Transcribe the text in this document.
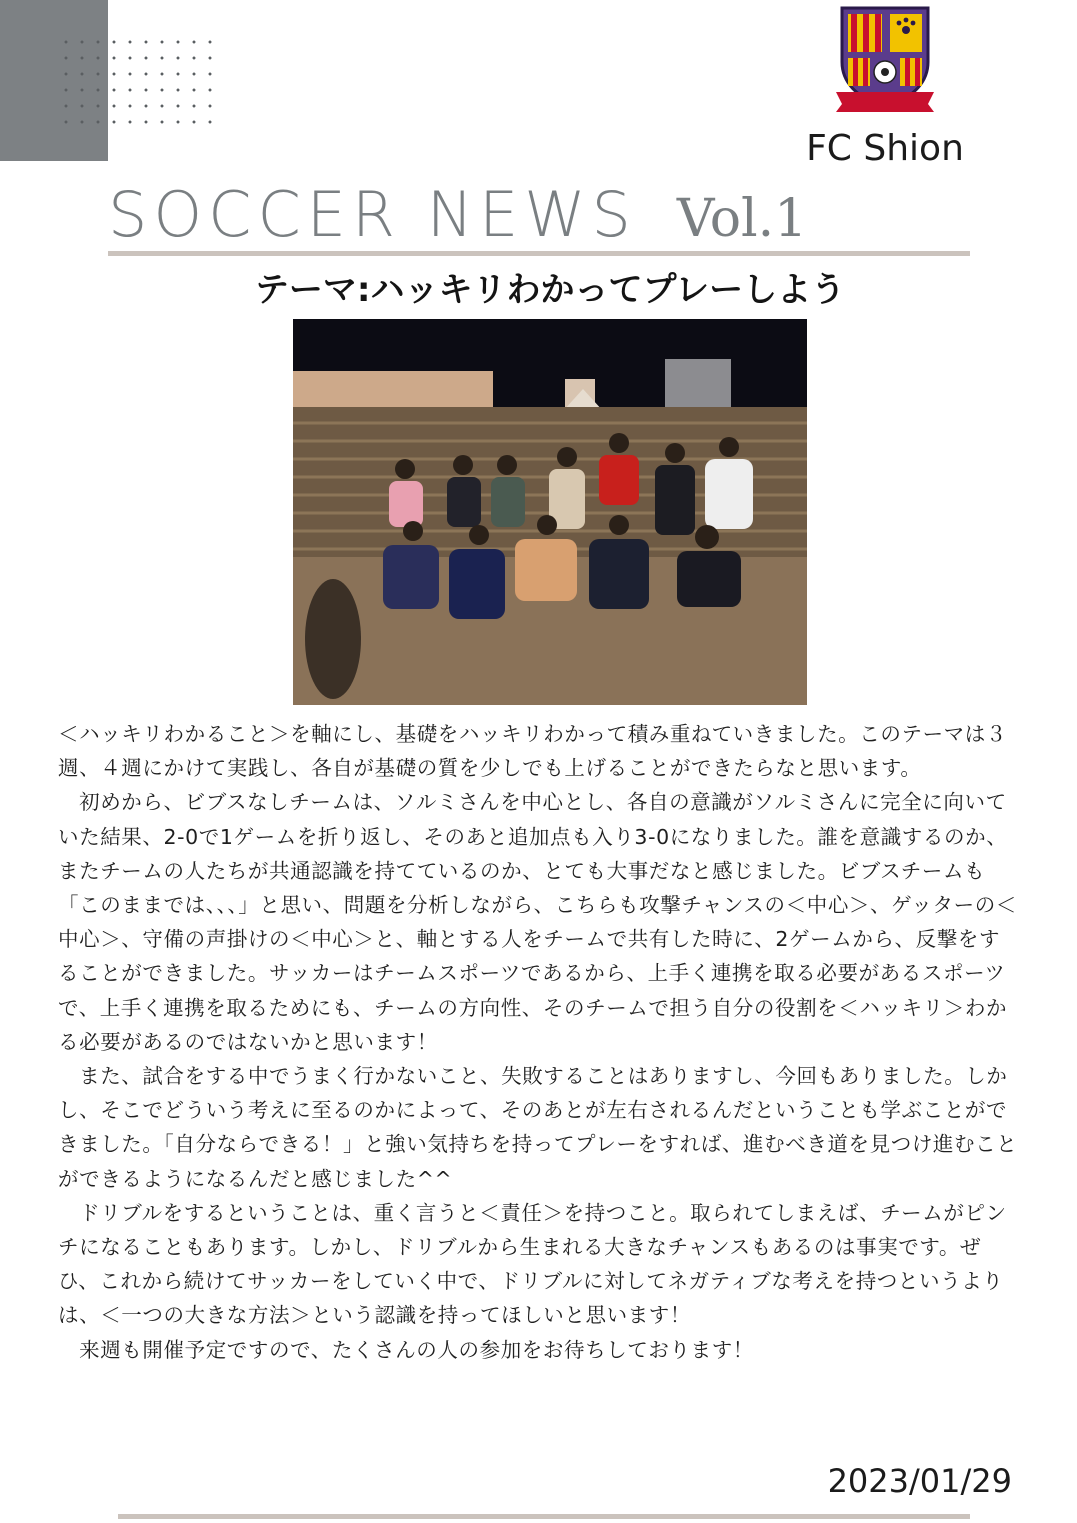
FC Shion
SOCCER NEWS Vol.1
テーマ:ハッキリわかってプレーしよう

＜ハッキリわかること＞を軸にし、基礎をハッキリわかって積み重ねていきました。このテーマは３週、４週にかけて実践し、各自が基礎の質を少しでも上げることができたらなと思います。

　初めから、ビブスなしチームは、ソルミさんを中心とし、各自の意識がソルミさんに完全に向いていた結果、2-0で1ゲームを折り返し、そのあと追加点も入り3-0になりました。誰を意識するのか、またチームの人たちが共通認識を持てているのか、とても大事だなと感じました。ビブスチームも「このままでは、、、」と思い、問題を分析しながら、こちらも攻撃チャンスの＜中心＞、ゲッターの＜中心＞、守備の声掛けの＜中心＞と、軸とする人をチームで共有した時に、2ゲームから、反撃をすることができました。サッカーはチームスポーツであるから、上手く連携を取る必要があるスポーツで、上手く連携を取るためにも、チームの方向性、そのチームで担う自分の役割を＜ハッキリ＞わかる必要があるのではないかと思います！

　また、試合をする中でうまく行かないこと、失敗することはありますし、今回もありました。しかし、そこでどういう考えに至るのかによって、そのあとが左右されるんだということも学ぶことができました。「自分ならできる！」と強い気持ちを持ってプレーをすれば、進むべき道を見つけ進むことができるようになるんだと感じました^^

　ドリブルをするということは、重く言うと＜責任＞を持つこと。取られてしまえば、チームがピンチになることもあります。しかし、ドリブルから生まれる大きなチャンスもあるのは事実です。ぜひ、これから続けてサッカーをしていく中で、ドリブルに対してネガティブな考えを持つというよりは、＜一つの大きな方法＞という認識を持ってほしいと思います！

　来週も開催予定ですので、たくさんの人の参加をお待ちしております！

2023/01/29
